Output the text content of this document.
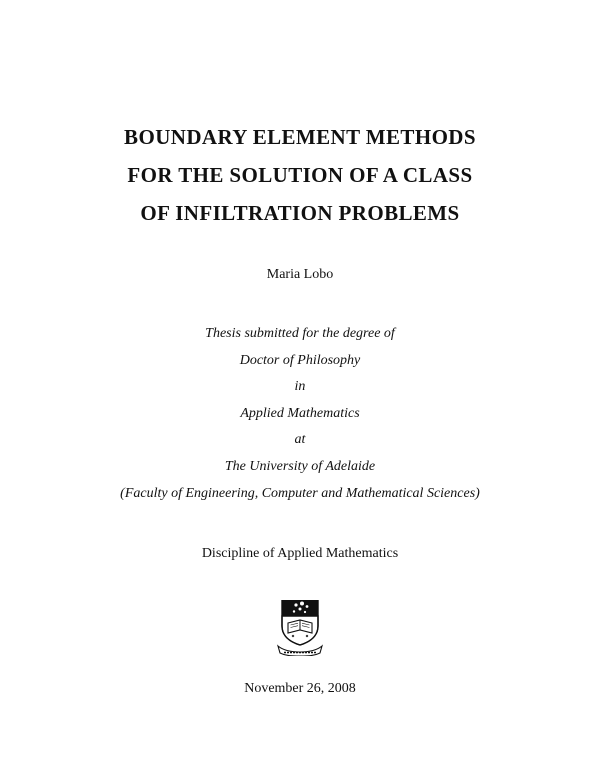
BOUNDARY ELEMENT METHODS
FOR THE SOLUTION OF A CLASS
OF INFILTRATION PROBLEMS
Maria Lobo
Thesis submitted for the degree of
Doctor of Philosophy
in
Applied Mathematics
at
The University of Adelaide
(Faculty of Engineering, Computer and Mathematical Sciences)
Discipline of Applied Mathematics
November 26, 2008
